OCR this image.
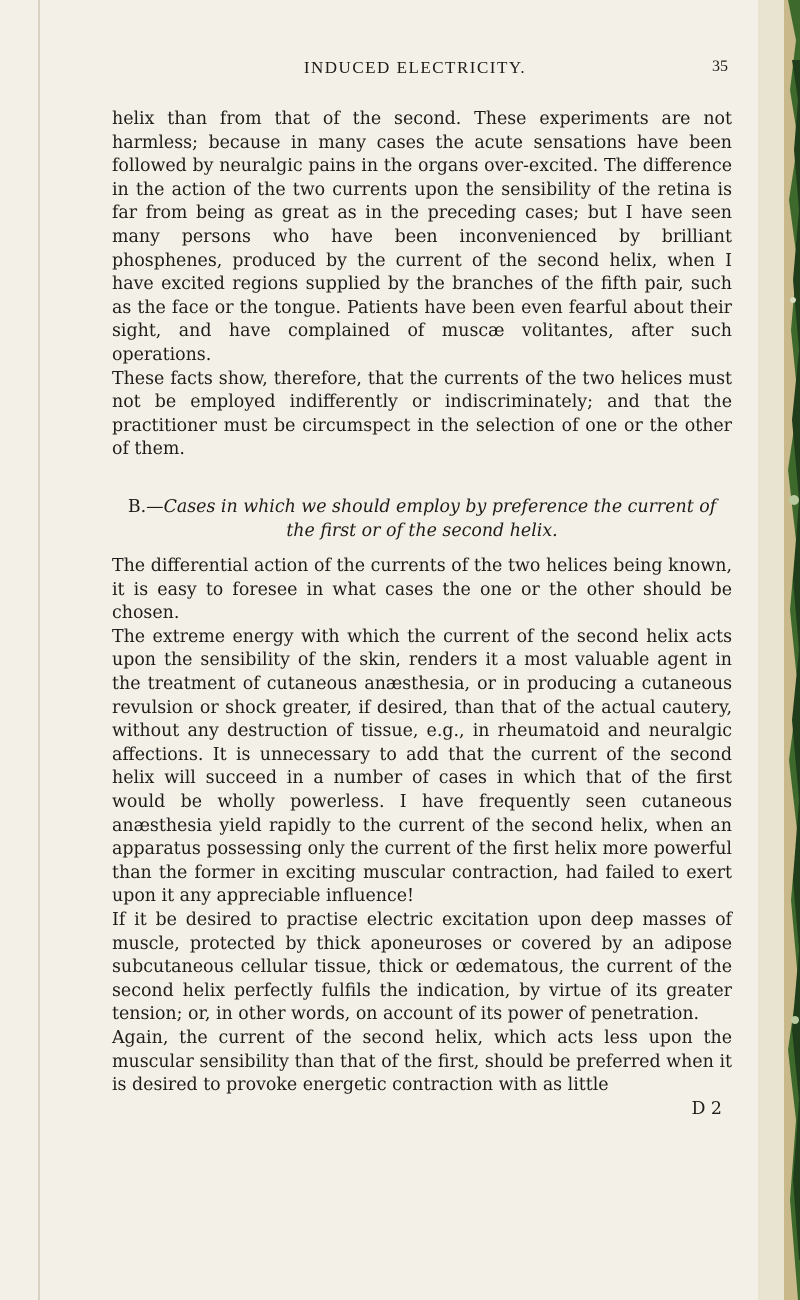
INDUCED ELECTRICITY.	35

helix than from that of the second. These experiments are not harmless; because in many cases the acute sensations have been followed by neuralgic pains in the organs over-excited. The difference in the action of the two currents upon the sensibility of the retina is far from being as great as in the preceding cases; but I have seen many persons who have been inconvenienced by brilliant phosphenes, produced by the current of the second helix, when I have excited regions supplied by the branches of the fifth pair, such as the face or the tongue. Patients have been even fearful about their sight, and have complained of muscæ volitantes, after such operations.

These facts show, therefore, that the currents of the two helices must not be employed indifferently or indiscriminately; and that the practitioner must be circumspect in the selection of one or the other of them.

B.—Cases in which we should employ by preference the current of the first or of the second helix.

The differential action of the currents of the two helices being known, it is easy to foresee in what cases the one or the other should be chosen.

The extreme energy with which the current of the second helix acts upon the sensibility of the skin, renders it a most valuable agent in the treatment of cutaneous anæsthesia, or in producing a cutaneous revulsion or shock greater, if desired, than that of the actual cautery, without any destruction of tissue, e.g., in rheumatoid and neuralgic affections. It is unnecessary to add that the current of the second helix will succeed in a number of cases in which that of the first would be wholly powerless. I have frequently seen cutaneous anæsthesia yield rapidly to the current of the second helix, when an apparatus possessing only the current of the first helix more powerful than the former in exciting muscular contraction, had failed to exert upon it any appreciable influence!

If it be desired to practise electric excitation upon deep masses of muscle, protected by thick aponeuroses or covered by an adipose subcutaneous cellular tissue, thick or œdematous, the current of the second helix perfectly fulfils the indication, by virtue of its greater tension; or, in other words, on account of its power of penetration.

Again, the current of the second helix, which acts less upon the muscular sensibility than that of the first, should be preferred when it is desired to provoke energetic contraction with as little

D 2
